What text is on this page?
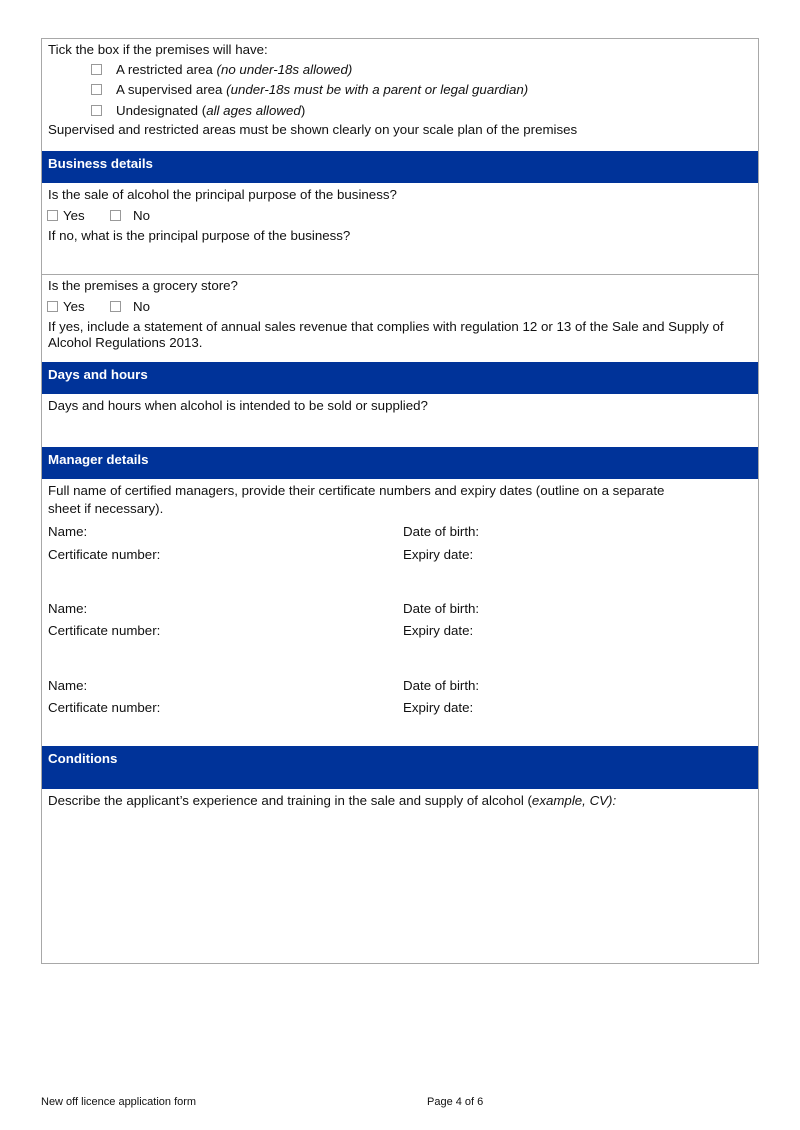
Tick the box if the premises will have:
A restricted area (no under-18s allowed)
A supervised area (under-18s must be with a parent or legal guardian)
Undesignated (all ages allowed)
Supervised and restricted areas must be shown clearly on your scale plan of the premises
Business details
Is the sale of alcohol the principal purpose of the business?
Yes	No
If no, what is the principal purpose of the business?
Is the premises a grocery store?
Yes	No
If yes, include a statement of annual sales revenue that complies with regulation 12 or 13 of the Sale and Supply of
Alcohol Regulations 2013.
Days and hours
Days and hours when alcohol is intended to be sold or supplied?
Manager details
Full name of certified managers, provide their certificate numbers and expiry dates (outline on a separate
sheet if necessary).
Name:	Date of birth:
Certificate number:	Expiry date:
Name:	Date of birth:
Certificate number:	Expiry date:
Name:	Date of birth:
Certificate number:	Expiry date:
Conditions
Describe the applicant’s experience and training in the sale and supply of alcohol (example, CV):
New off licence application form	Page 4 of 6
